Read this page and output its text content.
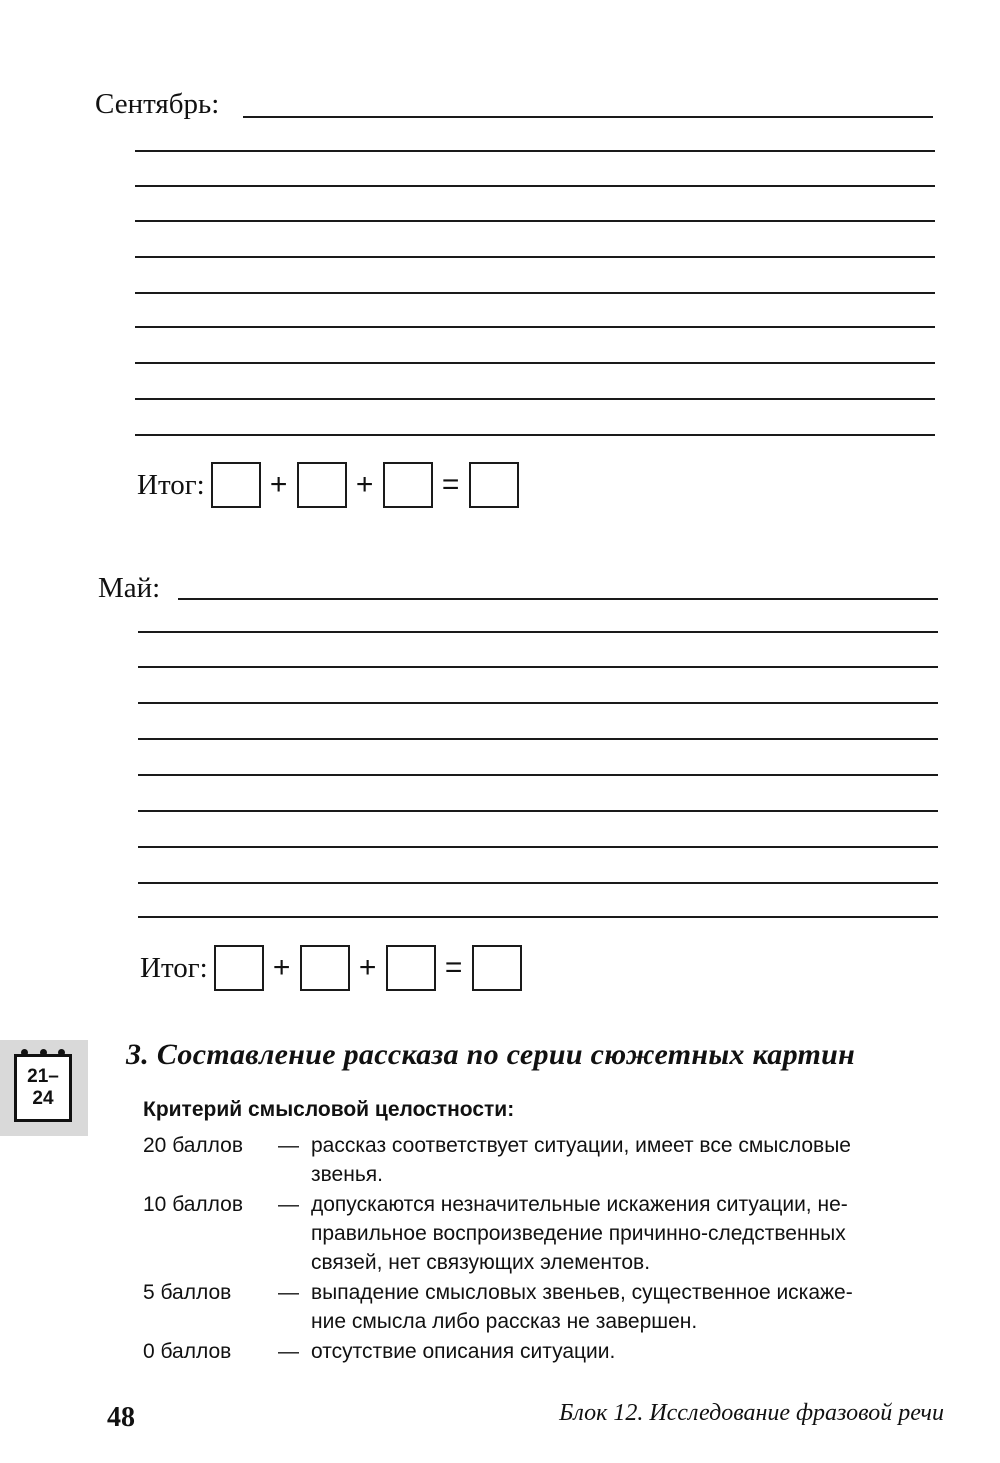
Сентябрь:
Итог:	+	+	=
Май:
Итог:	+	+	=
21–
24
3. Составление рассказа по серии сюжетных картин
Критерий смысловой целостности:
20 баллов — рассказ соответствует ситуации, имеет все смысловые
звенья.
10 баллов — допускаются незначительные искажения ситуации, не-
правильное воспроизведение причинно-следственных
связей, нет связующих элементов.
5 баллов — выпадение смысловых звеньев, существенное искаже-
ние смысла либо рассказ не завершен.
0 баллов — отсутствие описания ситуации.
48	Блок 12. Исследование фразовой речи
